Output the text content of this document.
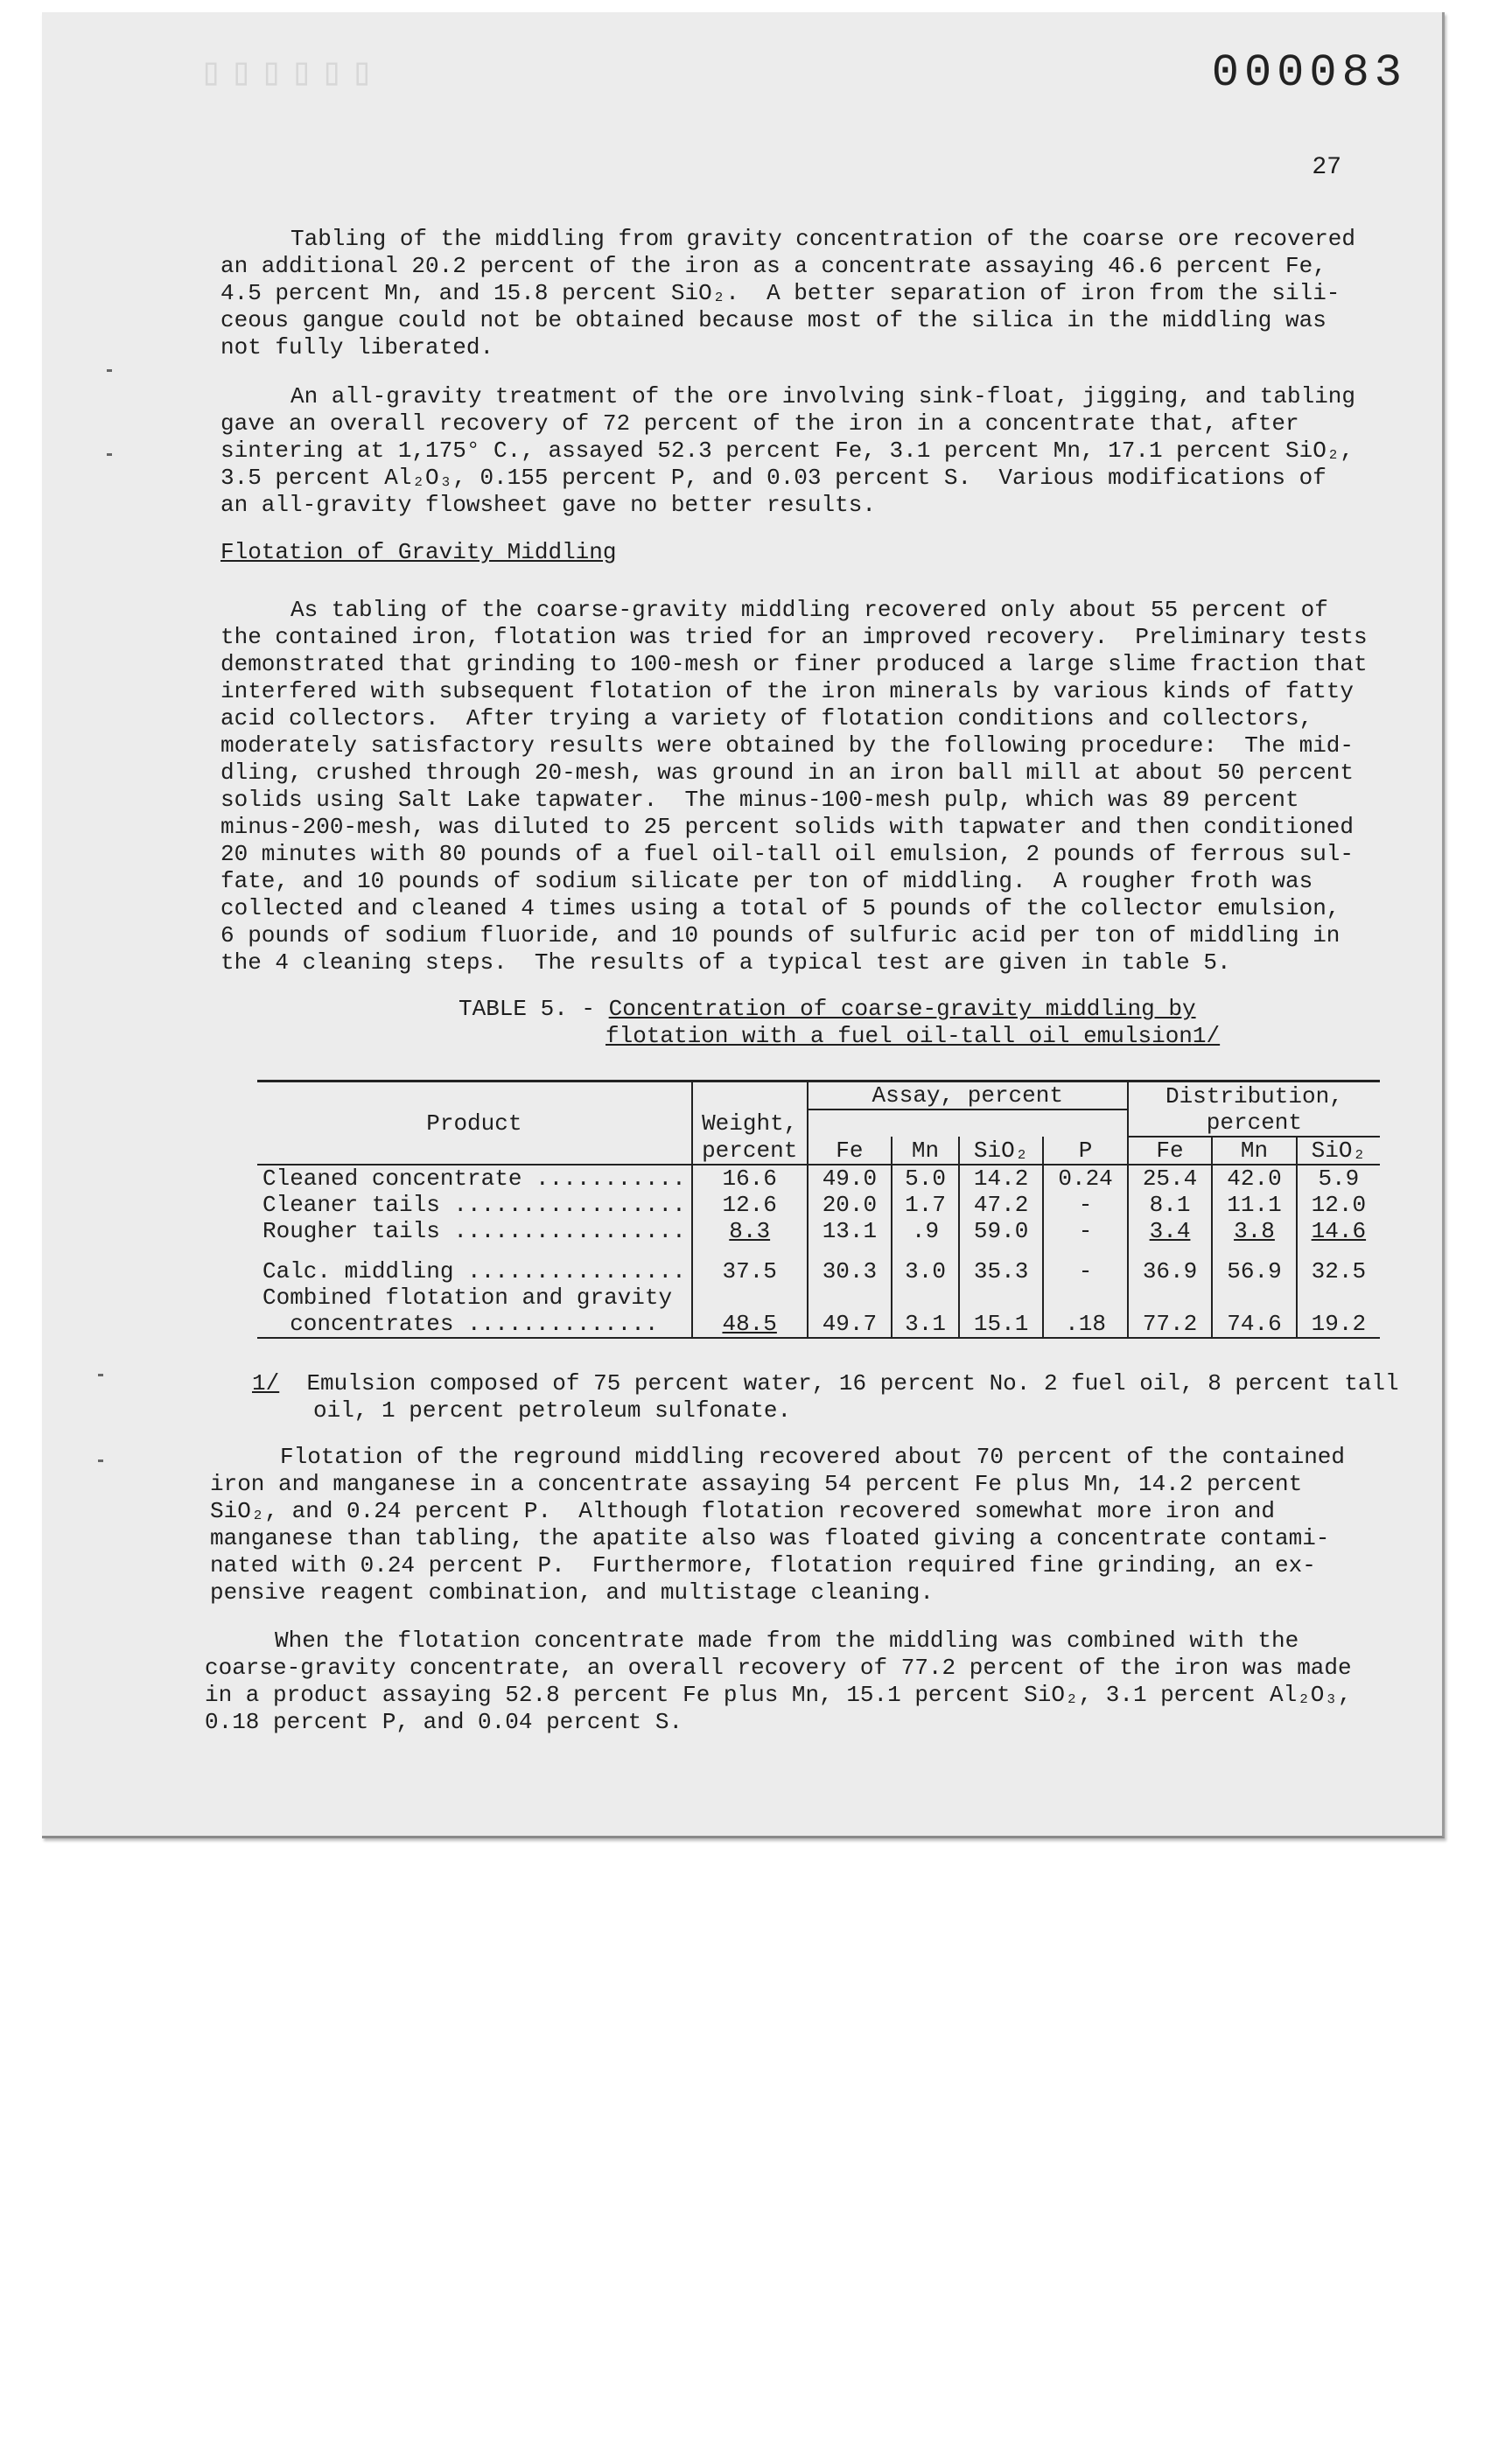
▯▯▯▯▯▯	000083
27

Tabling of the middling from gravity concentration of the coarse ore recovered

an additional 20.2 percent of the iron as a concentrate assaying 46.6 percent Fe,

4.5 percent Mn, and 15.8 percent SiO₂.  A better separation of iron from the sili-

ceous gangue could not be obtained because most of the silica in the middling was

not fully liberated.

An all-gravity treatment of the ore involving sink-float, jigging, and tabling

gave an overall recovery of 72 percent of the iron in a concentrate that, after

sintering at 1,175° C., assayed 52.3 percent Fe, 3.1 percent Mn, 17.1 percent SiO₂,

3.5 percent Al₂O₃, 0.155 percent P, and 0.03 percent S.  Various modifications of

an all-gravity flowsheet gave no better results.

Flotation of Gravity Middling

As tabling of the coarse-gravity middling recovered only about 55 percent of

the contained iron, flotation was tried for an improved recovery.  Preliminary tests

demonstrated that grinding to 100-mesh or finer produced a large slime fraction that

interfered with subsequent flotation of the iron minerals by various kinds of fatty

acid collectors.  After trying a variety of flotation conditions and collectors,

moderately satisfactory results were obtained by the following procedure:  The mid-

dling, crushed through 20-mesh, was ground in an iron ball mill at about 50 percent

solids using Salt Lake tapwater.  The minus-100-mesh pulp, which was 89 percent

minus-200-mesh, was diluted to 25 percent solids with tapwater and then conditioned

20 minutes with 80 pounds of a fuel oil-tall oil emulsion, 2 pounds of ferrous sul-

fate, and 10 pounds of sodium silicate per ton of middling.  A rougher froth was

collected and cleaned 4 times using a total of 5 pounds of the collector emulsion,

6 pounds of sodium fluoride, and 10 pounds of sulfuric acid per ton of middling in

the 4 cleaning steps.  The results of a typical test are given in table 5.

TABLE 5. - Concentration of coarse-gravity middling by
flotation with a fuel oil-tall oil emulsion1/
Product	Weight,	Assay, percent				Distribution,		
						percent		
	percent	Fe	Mn	SiO₂	P	Fe	Mn	SiO₂
Cleaned concentrate ...........	16.6	49.0	5.0	14.2	0.24	25.4	42.0	5.9
Cleaner tails .................	12.6	20.0	1.7	47.2	-	8.1	11.1	12.0
Rougher tails .................	8.3	13.1	.9	59.0	-	3.4	3.8	14.6
Calc. middling ................	37.5	30.3	3.0	35.3	-	36.9	56.9	32.5

Combined flotation and gravity
concentrates ..............	48.5	49.7	3.1	15.1	.18	77.2	74.6	19.2
1/ Emulsion composed of 75 percent water, 16 percent No. 2 fuel oil, 8 percent tall
oil, 1 percent petroleum sulfonate.

Flotation of the reground middling recovered about 70 percent of the contained

iron and manganese in a concentrate assaying 54 percent Fe plus Mn, 14.2 percent

SiO₂, and 0.24 percent P.  Although flotation recovered somewhat more iron and

manganese than tabling, the apatite also was floated giving a concentrate contami-

nated with 0.24 percent P.  Furthermore, flotation required fine grinding, an ex-

pensive reagent combination, and multistage cleaning.

When the flotation concentrate made from the middling was combined with the

coarse-gravity concentrate, an overall recovery of 77.2 percent of the iron was made

in a product assaying 52.8 percent Fe plus Mn, 15.1 percent SiO₂, 3.1 percent Al₂O₃,

0.18 percent P, and 0.04 percent S.
